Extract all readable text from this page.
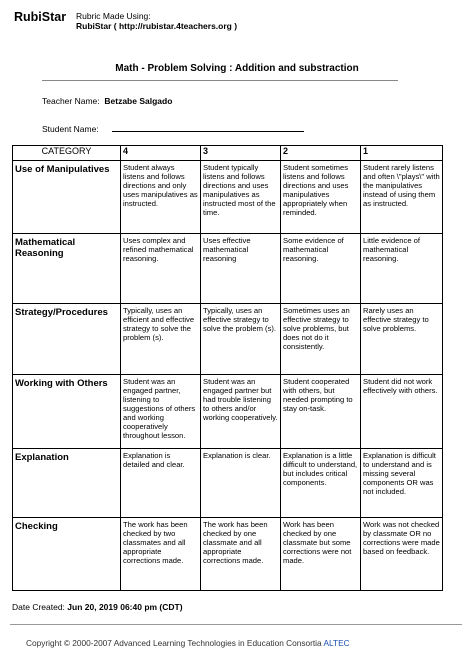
RubiStar Rubric Made Using:
RubiStar ( http://rubistar.4teachers.org )
Math - Problem Solving : Addition and substraction
Teacher Name: Betzabe Salgado
Student Name:
CATEGORY	4	3	2	1
Use of Manipulatives	Student always listens and follows directions and only uses manipulatives as instructed.	Student typically listens and follows directions and uses manipulatives as instructed most of the time.	Student sometimes listens and follows directions and uses manipulatives appropriately when reminded.	Student rarely listens and often \"plays\" with the manipulatives instead of using them as instructed.
Mathematical Reasoning	Uses complex and refined mathematical reasoning.	Uses effective mathematical reasoning	Some evidence of mathematical reasoning.	Little evidence of mathematical reasoning.
Strategy/Procedures	Typically, uses an efficient and effective strategy to solve the problem (s).	Typically, uses an effective strategy to solve the problem (s).	Sometimes uses an effective strategy to solve problems, but does not do it consistently.	Rarely uses an effective strategy to solve problems.
Working with Others	Student was an engaged partner, listening to suggestions of others and working cooperatively throughout lesson.	Student was an engaged partner but had trouble listening to others and/or working cooperatively.	Student cooperated with others, but needed prompting to stay on-task.	Student did not work effectively with others.
Explanation	Explanation is detailed and clear.	Explanation is clear.	Explanation is a little difficult to understand, but includes critical components.	Explanation is difficult to understand and is missing several components OR was not included.
Checking	The work has been checked by two classmates and all appropriate corrections made.	The work has been checked by one classmate and all appropriate corrections made.	Work has been checked by one classmate but some corrections were not made.	Work was not checked by classmate OR no corrections were made based on feedback.
Date Created: Jun 20, 2019 06:40 pm (CDT)
Copyright © 2000-2007 Advanced Learning Technologies in Education Consortia ALTEC
